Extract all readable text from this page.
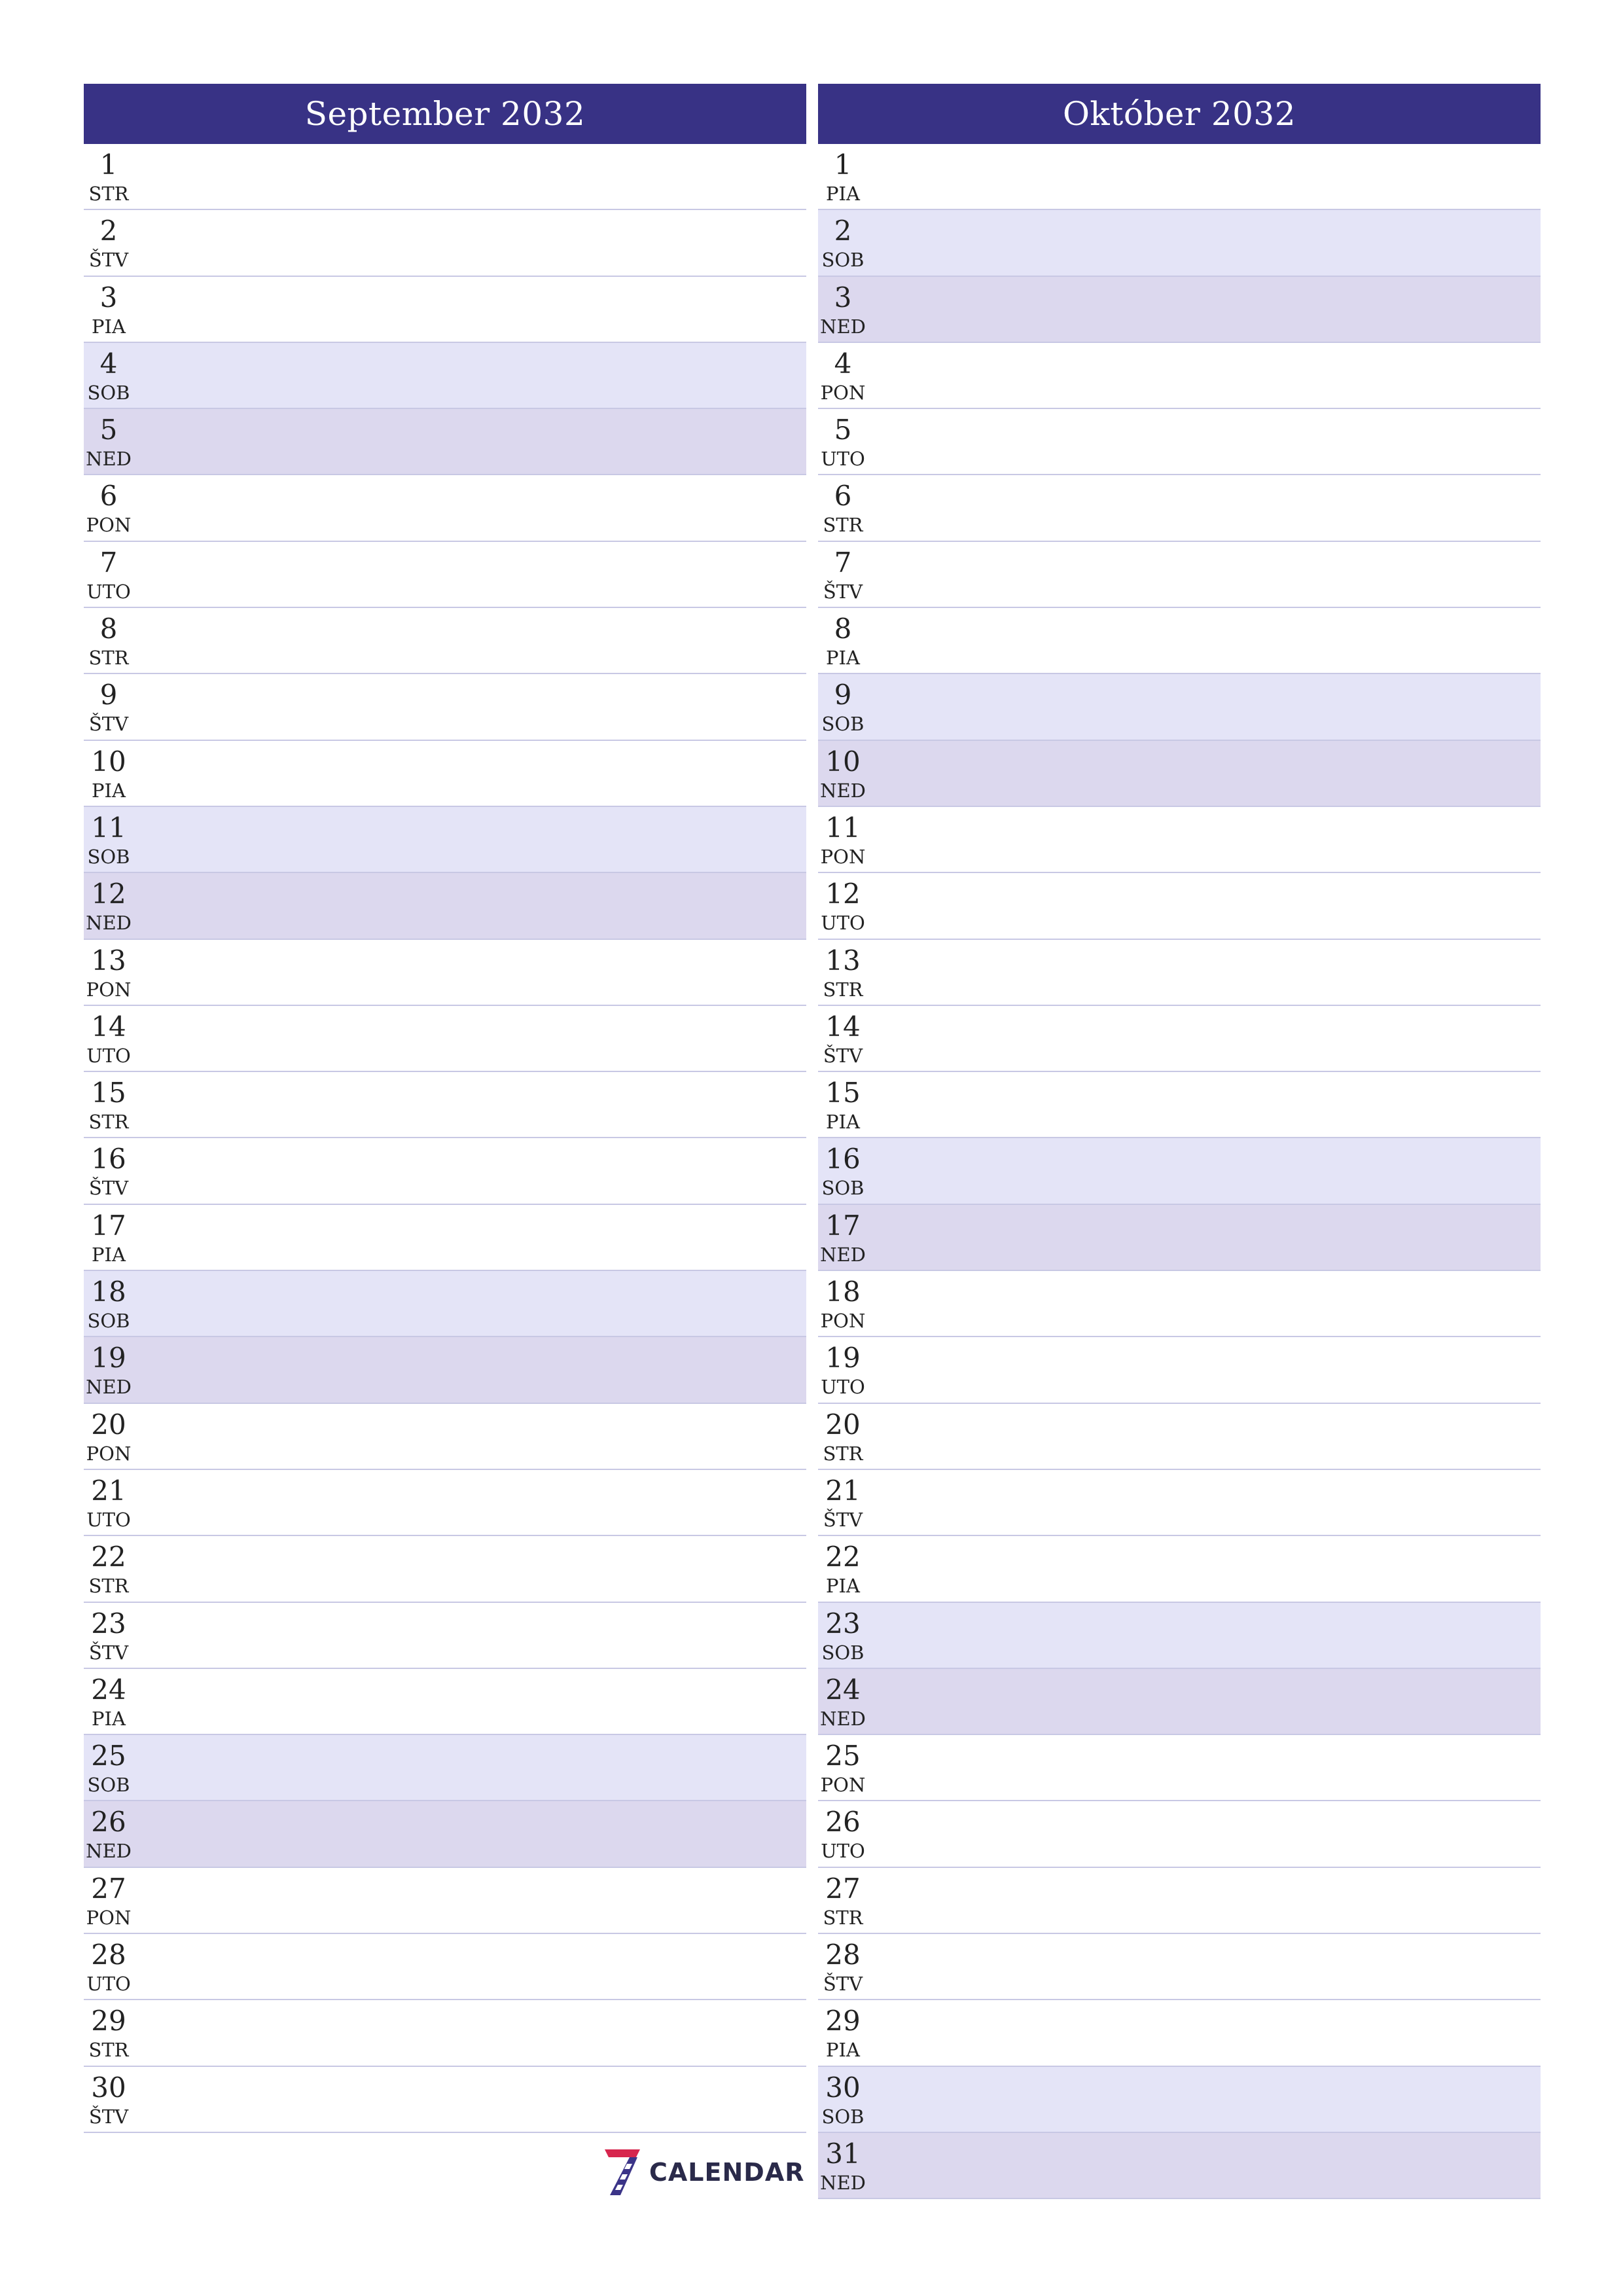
September 2032
1
STR
2
ŠTV
3
PIA
4
SOB
5
NED
6
PON
7
UTO
8
STR
9
ŠTV
10
PIA
11
SOB
12
NED
13
PON
14
UTO
15
STR
16
ŠTV
17
PIA
18
SOB
19
NED
20
PON
21
UTO
22
STR
23
ŠTV
24
PIA
25
SOB
26
NED
27
PON
28
UTO
29
STR
30
ŠTV
Október 2032
1
PIA
2
SOB
3
NED
4
PON
5
UTO
6
STR
7
ŠTV
8
PIA
9
SOB
10
NED
11
PON
12
UTO
13
STR
14
ŠTV
15
PIA
16
SOB
17
NED
18
PON
19
UTO
20
STR
21
ŠTV
22
PIA
23
SOB
24
NED
25
PON
26
UTO
27
STR
28
ŠTV
29
PIA
30
SOB
31
NED
CALENDAR
